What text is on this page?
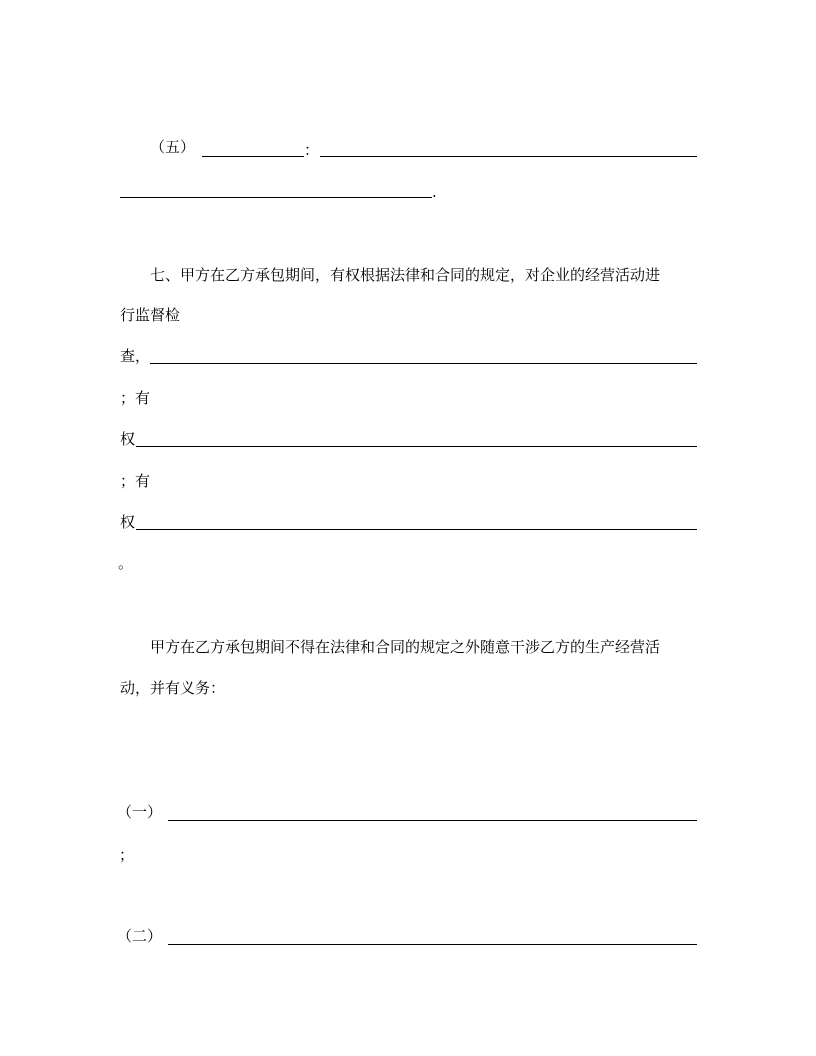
（五）	：
.
七、甲方在乙方承包期间，有权根据法律和合同的规定，对企业的经营活动进
行监督检
查，
；有
权
；有
权
。
甲方在乙方承包期间不得在法律和合同的规定之外随意干涉乙方的生产经营活
动，并有义务：
（一）
；
（二）
